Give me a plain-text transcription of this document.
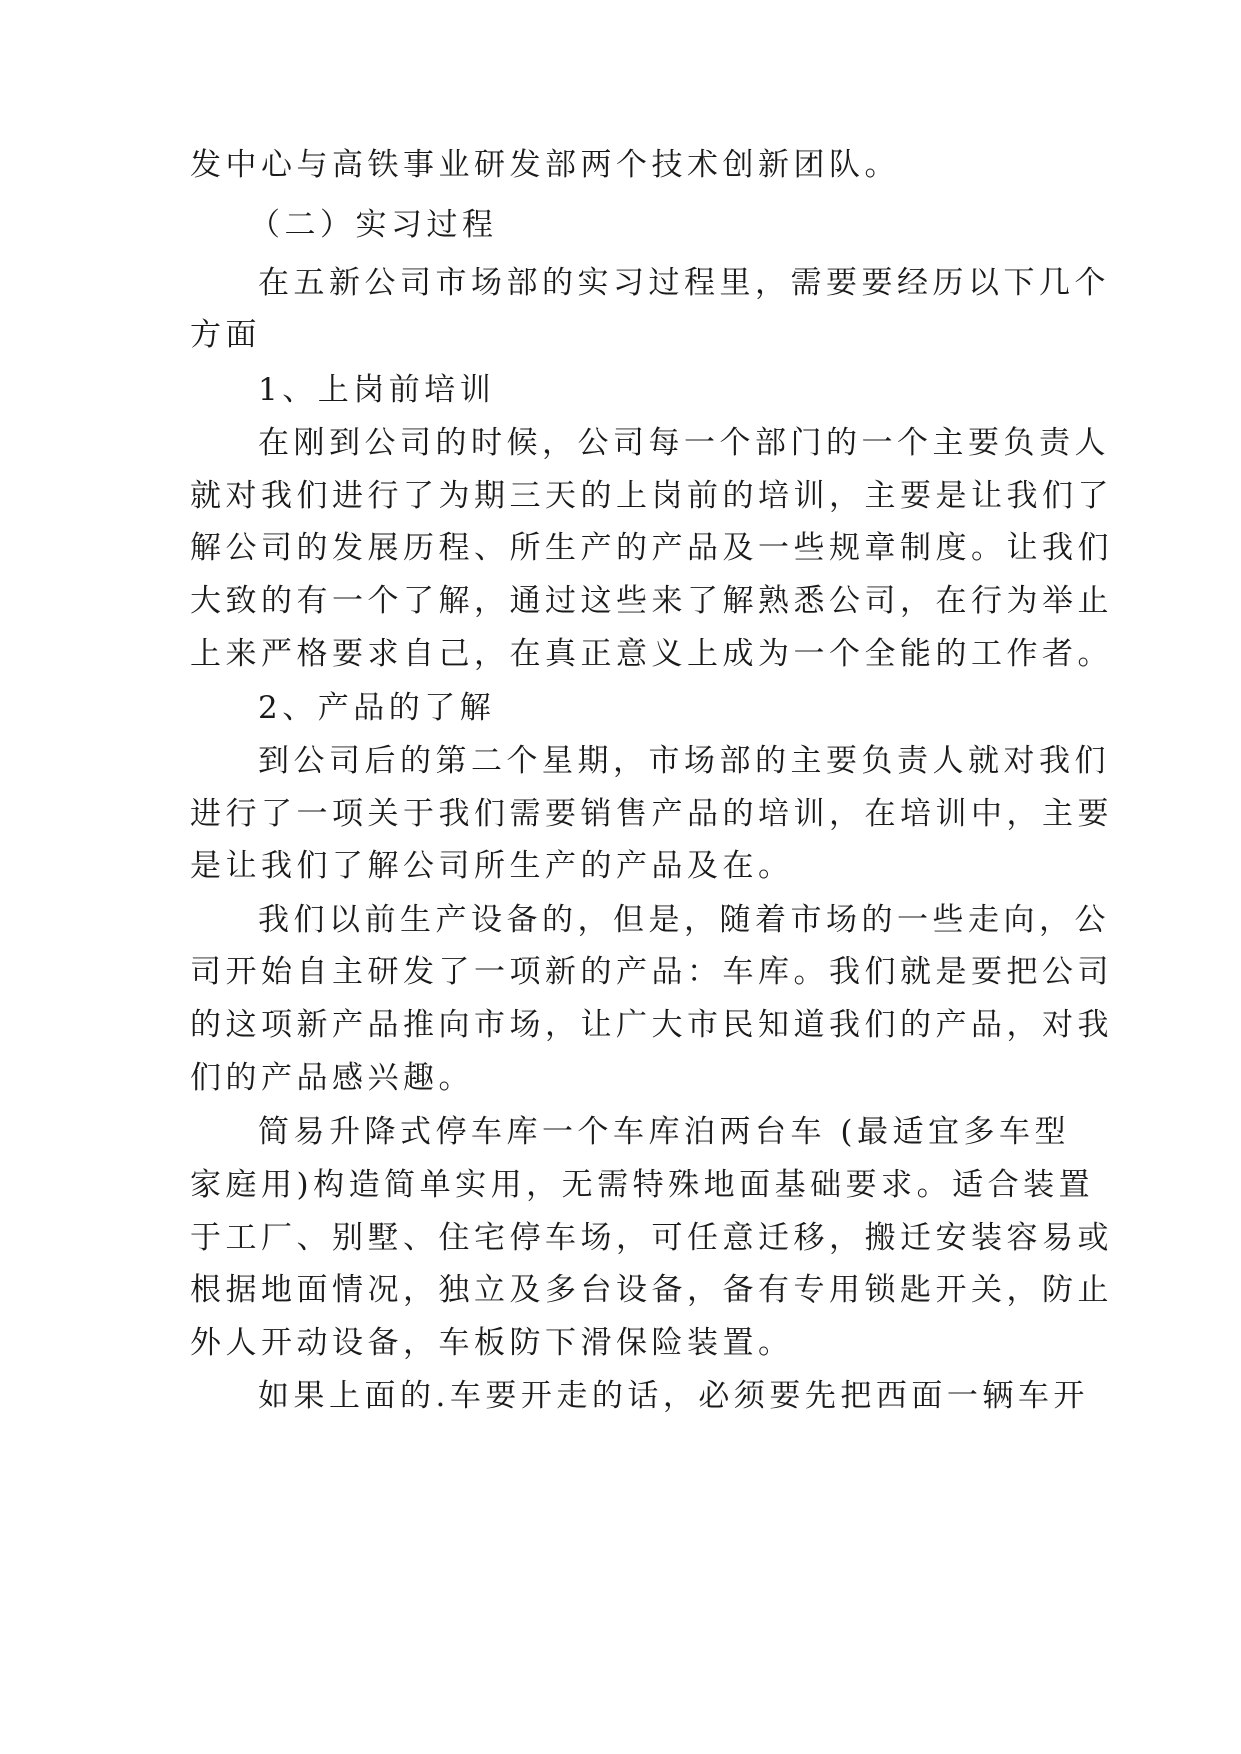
发中心与高铁事业研发部两个技术创新团队。
（二）实习过程
在五新公司市场部的实习过程里，需要要经历以下几个
方面
1、上岗前培训
在刚到公司的时候，公司每一个部门的一个主要负责人
就对我们进行了为期三天的上岗前的培训，主要是让我们了
解公司的发展历程、所生产的产品及一些规章制度。让我们
大致的有一个了解，通过这些来了解熟悉公司，在行为举止
上来严格要求自己，在真正意义上成为一个全能的工作者。
2、产品的了解
到公司后的第二个星期，市场部的主要负责人就对我们
进行了一项关于我们需要销售产品的培训，在培训中，主要
是让我们了解公司所生产的产品及在。
我们以前生产设备的，但是，随着市场的一些走向，公
司开始自主研发了一项新的产品：车库。我们就是要把公司
的这项新产品推向市场，让广大市民知道我们的产品，对我
们的产品感兴趣。
简易升降式停车库一个车库泊两台车 (最适宜多车型
家庭用)构造简单实用，无需特殊地面基础要求。适合装置
于工厂、别墅、住宅停车场，可任意迁移，搬迁安装容易或
根据地面情况，独立及多台设备，备有专用锁匙开关，防止
外人开动设备，车板防下滑保险装置。
如果上面的.车要开走的话，必须要先把西面一辆车开
